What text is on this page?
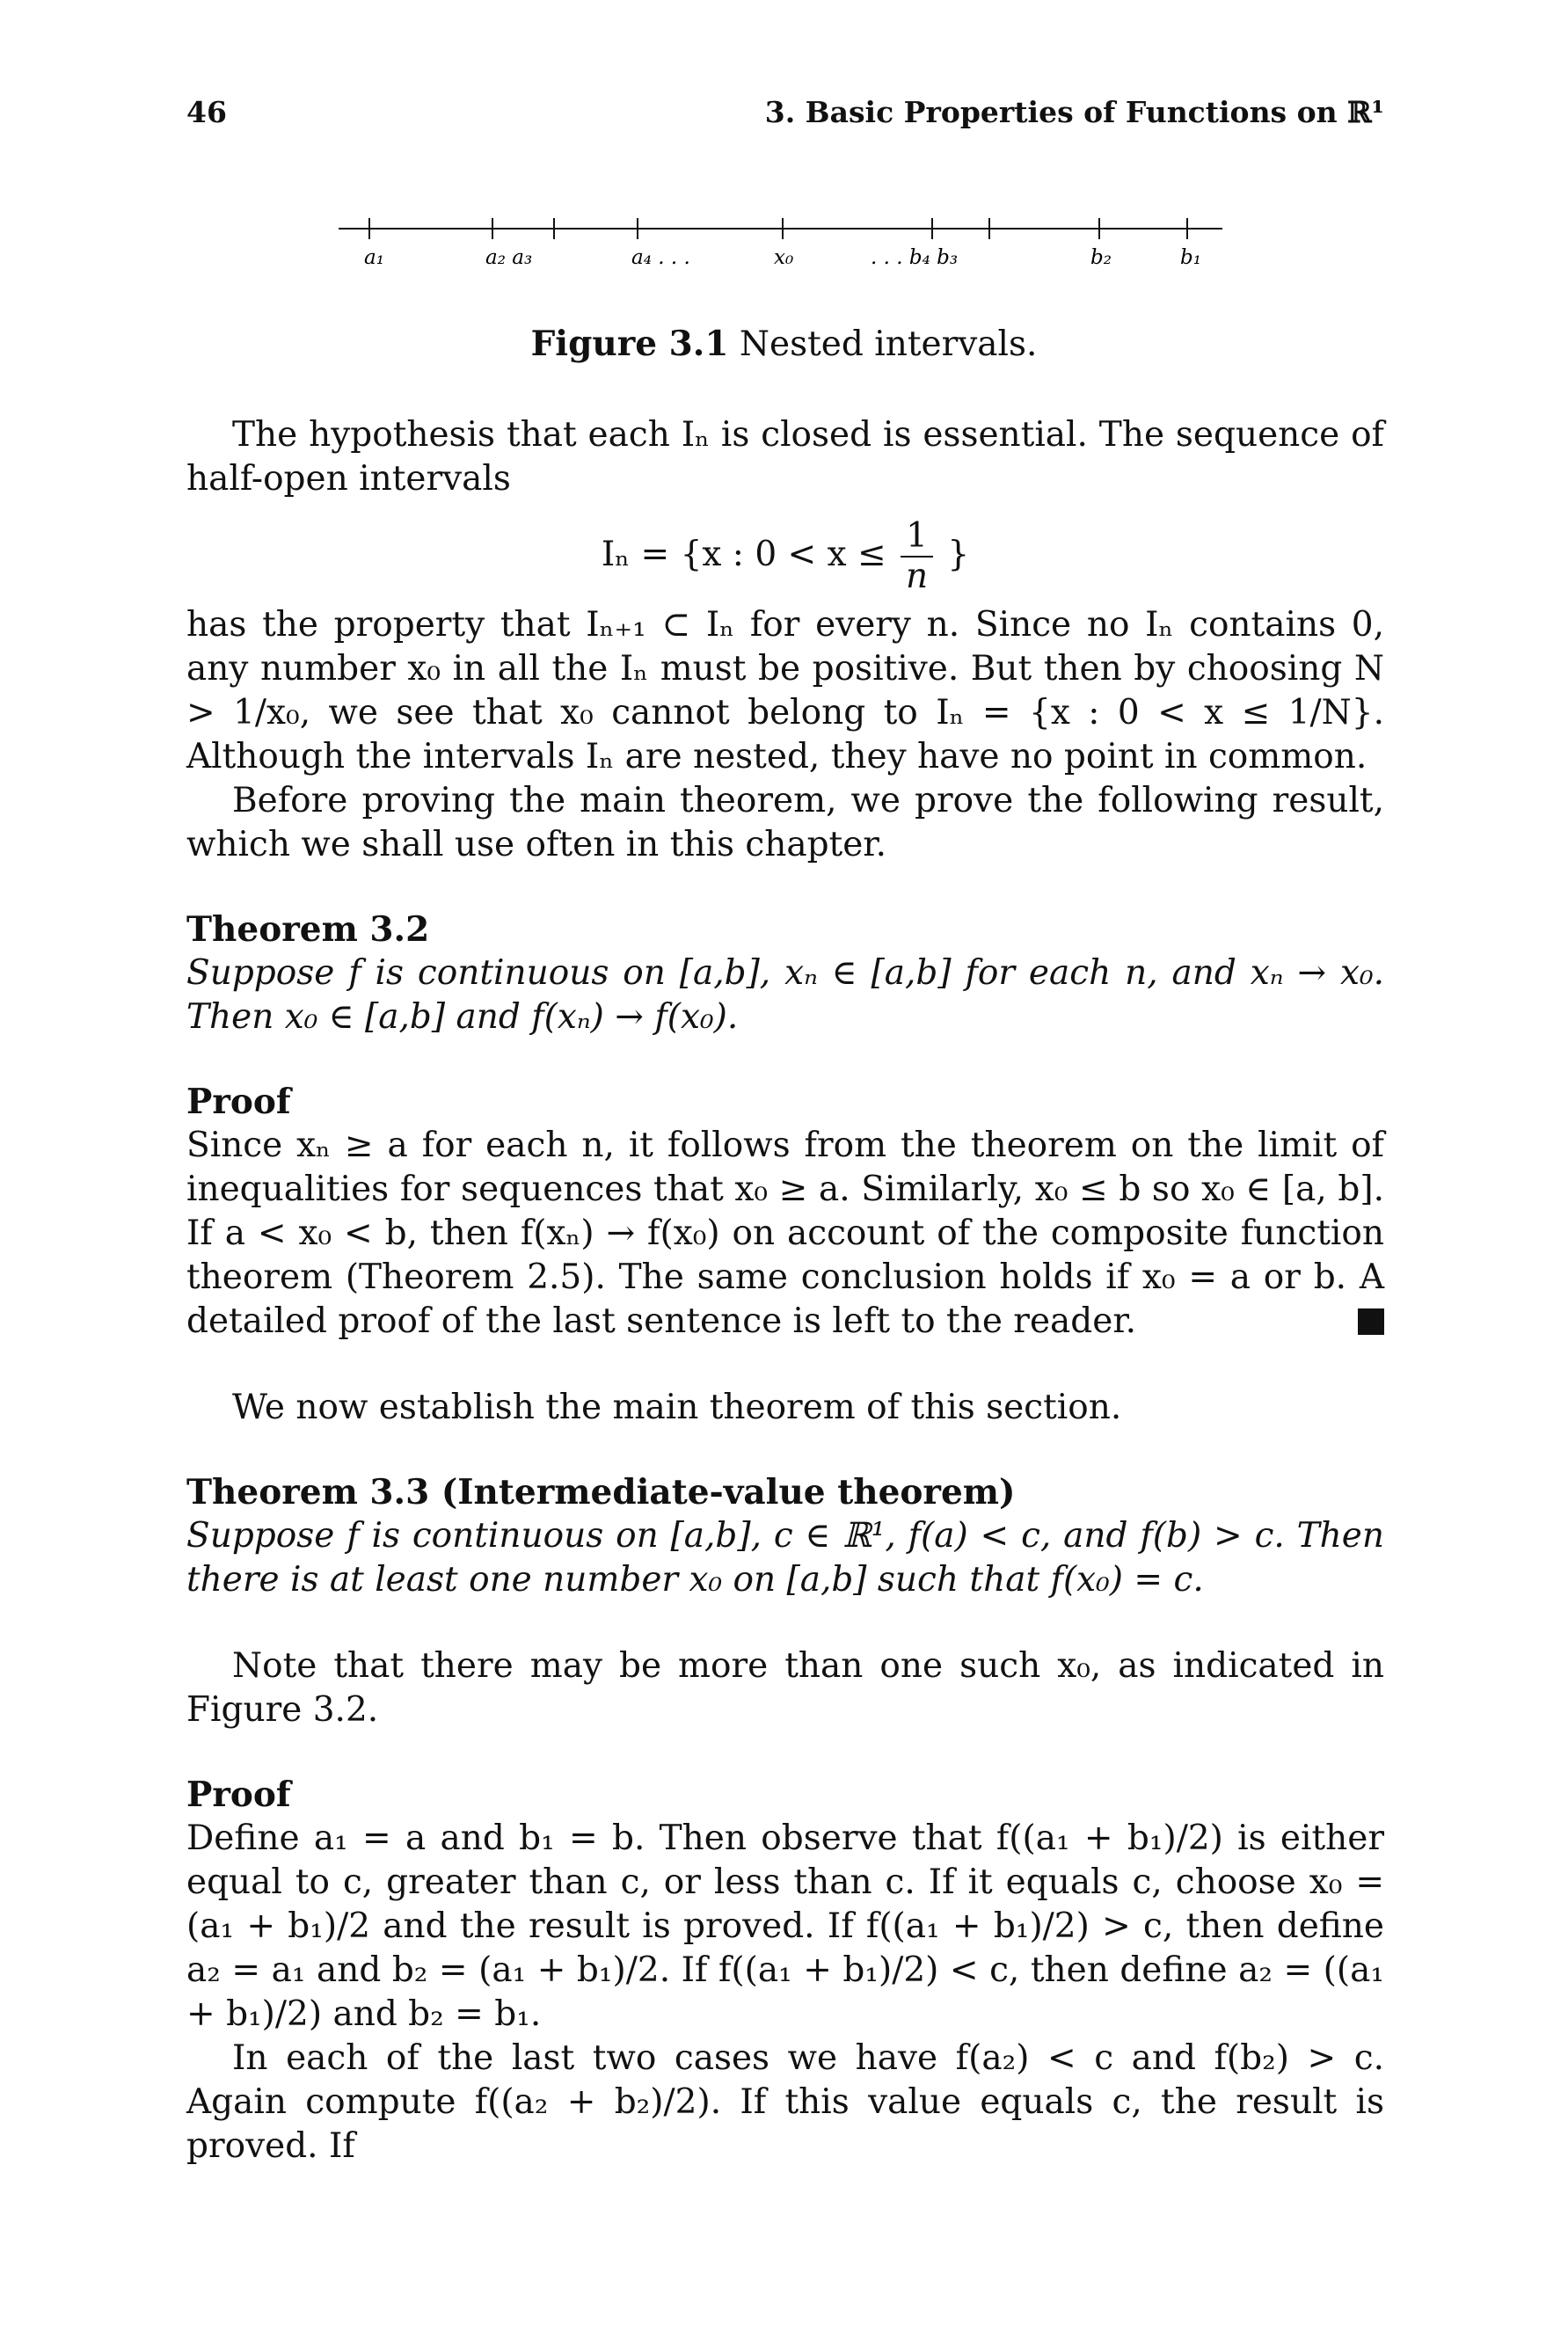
46	3. Basic Properties of Functions on ℝ¹
a₁	a₂ a₃	a₄ . . .	x₀	. . . b₄ b₃	b₂	b₁
Figure 3.1 Nested intervals.

The hypothesis that each Iₙ is closed is essential. The sequence of half-open intervals

Iₙ = {x : $0 < x \le \frac{1}{n}$ }

has the property that Iₙ₊₁ ⊂ Iₙ for every n. Since no Iₙ contains 0, any number x₀ in all the Iₙ must be positive. But then by choosing N > 1/x₀, we see that x₀ cannot belong to Iₙ = {x : 0 < x ≤ 1/N}. Although the intervals Iₙ are nested, they have no point in common.

Before proving the main theorem, we prove the following result, which we shall use often in this chapter.

Theorem 3.2

Suppose f is continuous on [a,b], xₙ ∈ [a,b] for each n, and xₙ → x₀. Then x₀ ∈ [a,b] and f(xₙ) → f(x₀).

Proof

Since xₙ ≥ a for each n, it follows from the theorem on the limit of inequalities for sequences that x₀ ≥ a. Similarly, x₀ ≤ b so x₀ ∈ [a, b]. If a < x₀ < b, then f(xₙ) → f(x₀) on account of the composite function theorem (Theorem 2.5). The same conclusion holds if x₀ = a or b. A detailed proof of the last sentence is left to the reader.

We now establish the main theorem of this section.

Theorem 3.3 (Intermediate-value theorem)

Suppose f is continuous on [a,b], c ∈ ℝ¹, f(a) < c, and f(b) > c. Then there is at least one number x₀ on [a,b] such that f(x₀) = c.

Note that there may be more than one such x₀, as indicated in Figure 3.2.

Proof

Define a₁ = a and b₁ = b. Then observe that f((a₁ + b₁)/2) is either equal to c, greater than c, or less than c. If it equals c, choose x₀ = (a₁ + b₁)/2 and the result is proved. If f((a₁ + b₁)/2) > c, then define a₂ = a₁ and b₂ = (a₁ + b₁)/2. If f((a₁ + b₁)/2) < c, then define a₂ = ((a₁ + b₁)/2) and b₂ = b₁.

In each of the last two cases we have f(a₂) < c and f(b₂) > c. Again compute f((a₂ + b₂)/2). If this value equals c, the result is proved. If
